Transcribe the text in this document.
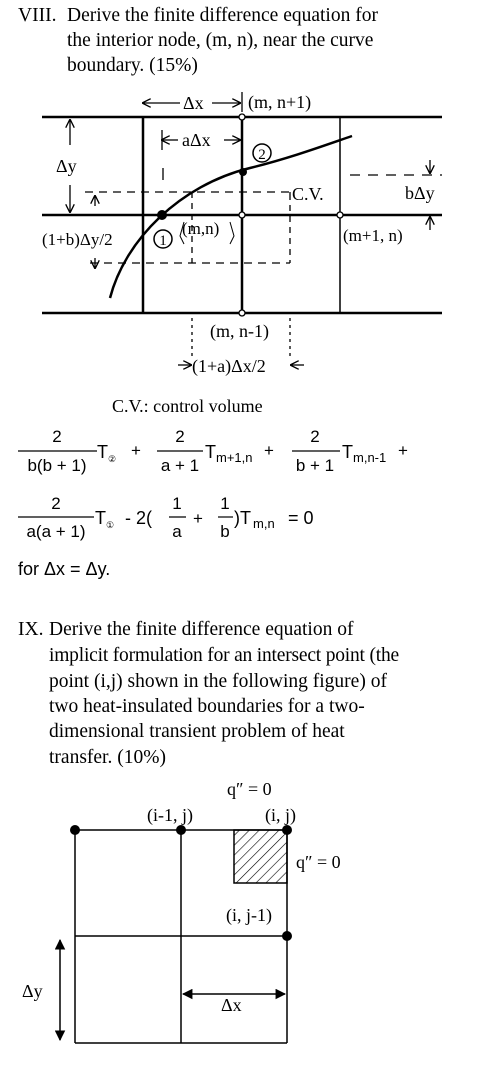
VIII. Derive the finite difference equation for
the interior node, (m, n), near the curve
boundary. (15%)
2
1
Δx (m, n+1)
aΔx
Δy
(1+b)Δy/2
bΔy
C.V.
(m,n)	(m+1, n)
(m, n-1)
(1+a)Δx/2
C.V.: control volume
2
b(b + 1)
T ② +
2
a + 1
T m+1,n +
2
b + 1
T m,n-1 +
2
a(a + 1)
T ① - 2(
1
a
+
1
b
)T m,n = 0
for Δx = Δy.
IX. Derive the finite difference equation of
implicit formulation for an intersect point (the
point (i,j) shown in the following figure) of
two heat-insulated boundaries for a two-
dimensional transient problem of heat
transfer. (10%)
q″ = 0
(i-1, j)	(i, j)
q″ = 0
(i, j-1)
Δy
Δx
